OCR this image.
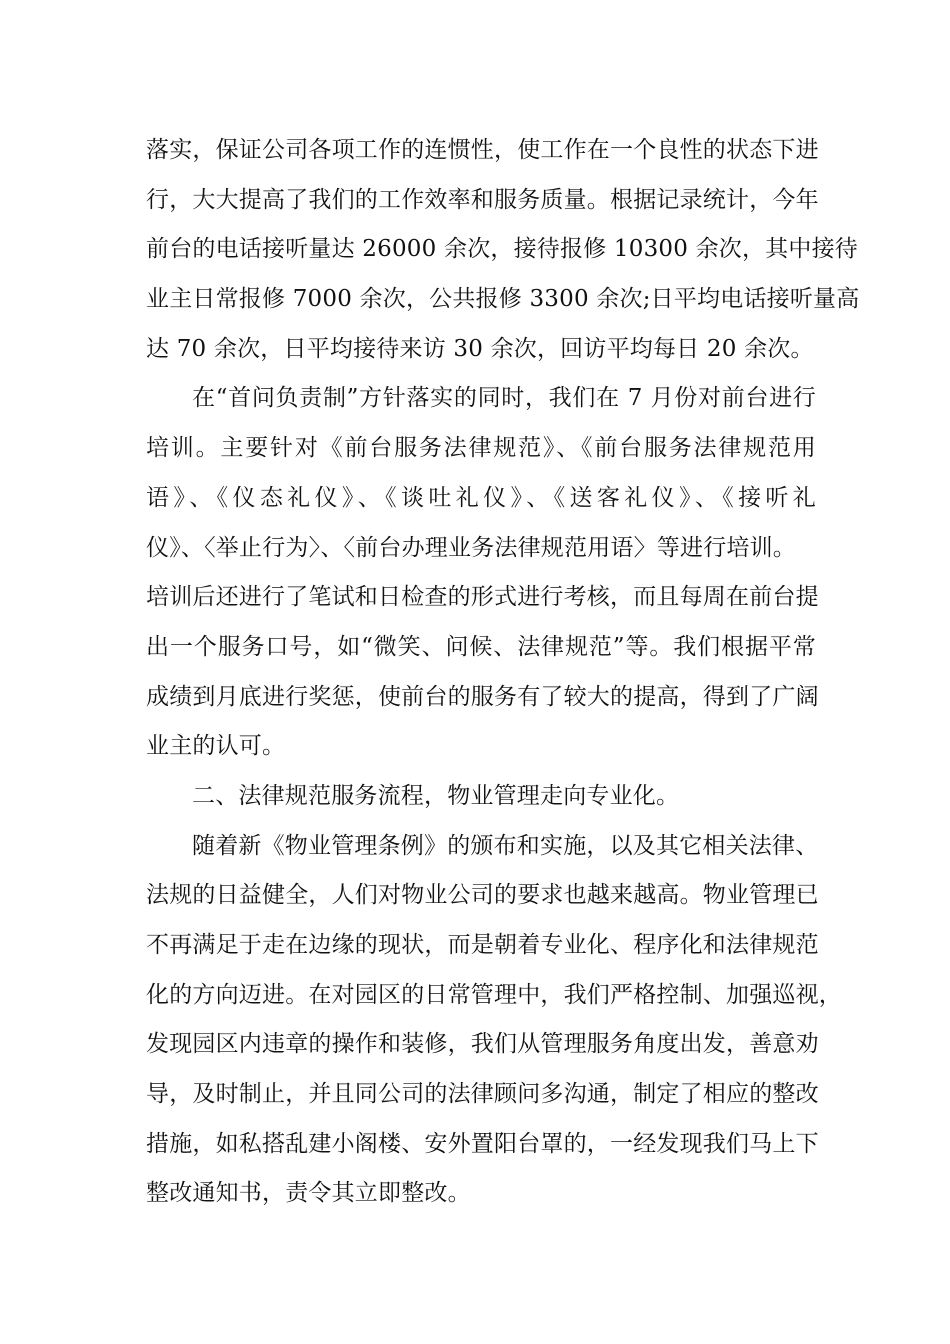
落实，保证公司各项工作的连惯性，使工作在一个良性的状态下进
行，大大提高了我们的工作效率和服务质量。根据记录统计，今年
前台的电话接听量达 26000 余次，接待报修 10300 余次，其中接待
业主日常报修 7000 余次，公共报修 3300 余次;日平均电话接听量高
达 70 余次，日平均接待来访 30 余次，回访平均每日 20 余次。
在“首问负责制”方针落实的同时，我们在 7 月份对前台进行
培训。主要针对《前台服务法律规范》、《前台服务法律规范用
语》、《仪态礼仪》、《谈吐礼仪》、《送客礼仪》、《接听礼
仪》、〈举止行为〉、〈前台办理业务法律规范用语〉等进行培训。
培训后还进行了笔试和日检查的形式进行考核，而且每周在前台提
出一个服务口号，如“微笑、问候、法律规范”等。我们根据平常
成绩到月底进行奖惩，使前台的服务有了较大的提高，得到了广阔
业主的认可。
二、法律规范服务流程，物业管理走向专业化。
随着新《物业管理条例》的颁布和实施，以及其它相关法律、
法规的日益健全，人们对物业公司的要求也越来越高。物业管理已
不再满足于走在边缘的现状，而是朝着专业化、程序化和法律规范
化的方向迈进。在对园区的日常管理中，我们严格控制、加强巡视，
发现园区内违章的操作和装修，我们从管理服务角度出发，善意劝
导，及时制止，并且同公司的法律顾问多沟通，制定了相应的整改
措施，如私搭乱建小阁楼、安外置阳台罩的，一经发现我们马上下
整改通知书，责令其立即整改。
